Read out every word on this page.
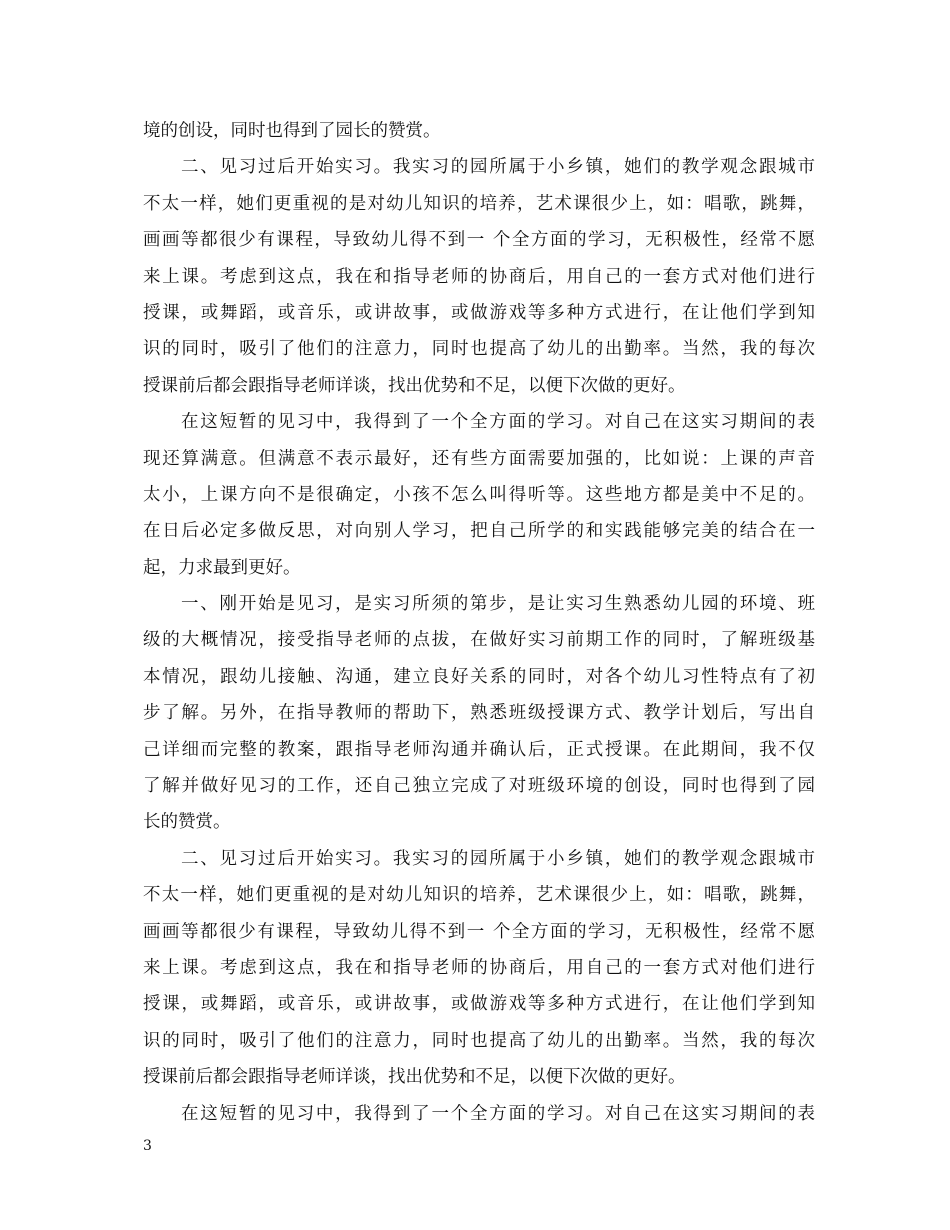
境的创设，同时也得到了园长的赞赏。
二、见习过后开始实习。我实习的园所属于小乡镇，她们的教学观念跟城市
不太一样，她们更重视的是对幼儿知识的培养，艺术课很少上，如：唱歌，跳舞，
画画等都很少有课程，导致幼儿得不到一 个全方面的学习，无积极性，经常不愿
来上课。考虑到这点，我在和指导老师的协商后，用自己的一套方式对他们进行
授课，或舞蹈，或音乐，或讲故事，或做游戏等多种方式进行，在让他们学到知
识的同时，吸引了他们的注意力，同时也提高了幼儿的出勤率。当然，我的每次
授课前后都会跟指导老师详谈，找出优势和不足，以便下次做的更好。
在这短暂的见习中，我得到了一个全方面的学习。对自己在这实习期间的表
现还算满意。但满意不表示最好，还有些方面需要加强的，比如说：上课的声音
太小，上课方向不是很确定，小孩不怎么叫得听等。这些地方都是美中不足的。
在日后必定多做反思，对向别人学习，把自己所学的和实践能够完美的结合在一
起，力求最到更好。
一、刚开始是见习，是实习所须的第步，是让实习生熟悉幼儿园的环境、班
级的大概情况，接受指导老师的点拔，在做好实习前期工作的同时，了解班级基
本情况，跟幼儿接触、沟通，建立良好关系的同时，对各个幼儿习性特点有了初
步了解。另外，在指导教师的帮助下，熟悉班级授课方式、教学计划后，写出自
己详细而完整的教案，跟指导老师沟通并确认后，正式授课。在此期间，我不仅
了解并做好见习的工作，还自己独立完成了对班级环境的创设，同时也得到了园
长的赞赏。
二、见习过后开始实习。我实习的园所属于小乡镇，她们的教学观念跟城市
不太一样，她们更重视的是对幼儿知识的培养，艺术课很少上，如：唱歌，跳舞，
画画等都很少有课程，导致幼儿得不到一 个全方面的学习，无积极性，经常不愿
来上课。考虑到这点，我在和指导老师的协商后，用自己的一套方式对他们进行
授课，或舞蹈，或音乐，或讲故事，或做游戏等多种方式进行，在让他们学到知
识的同时，吸引了他们的注意力，同时也提高了幼儿的出勤率。当然，我的每次
授课前后都会跟指导老师详谈，找出优势和不足，以便下次做的更好。
在这短暂的见习中，我得到了一个全方面的学习。对自己在这实习期间的表
3
